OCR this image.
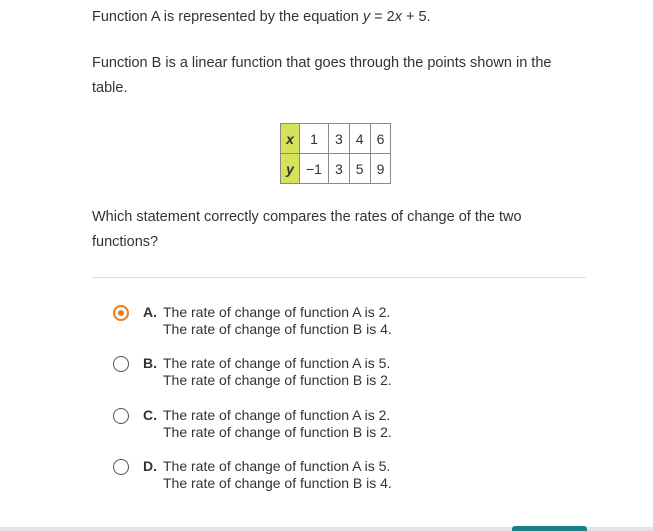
Function A is represented by the equation y = 2x + 5.

Function B is a linear function that goes through the points shown in the table.

x	1	3	4	6
y	−1	3	5	9

Which statement correctly compares the rates of change of the two functions?

A. The rate of change of function A is 2.
The rate of change of function B is 4.
B. The rate of change of function A is 5.
The rate of change of function B is 2.
C. The rate of change of function A is 2.
The rate of change of function B is 2.
D. The rate of change of function A is 5.
The rate of change of function B is 4.
